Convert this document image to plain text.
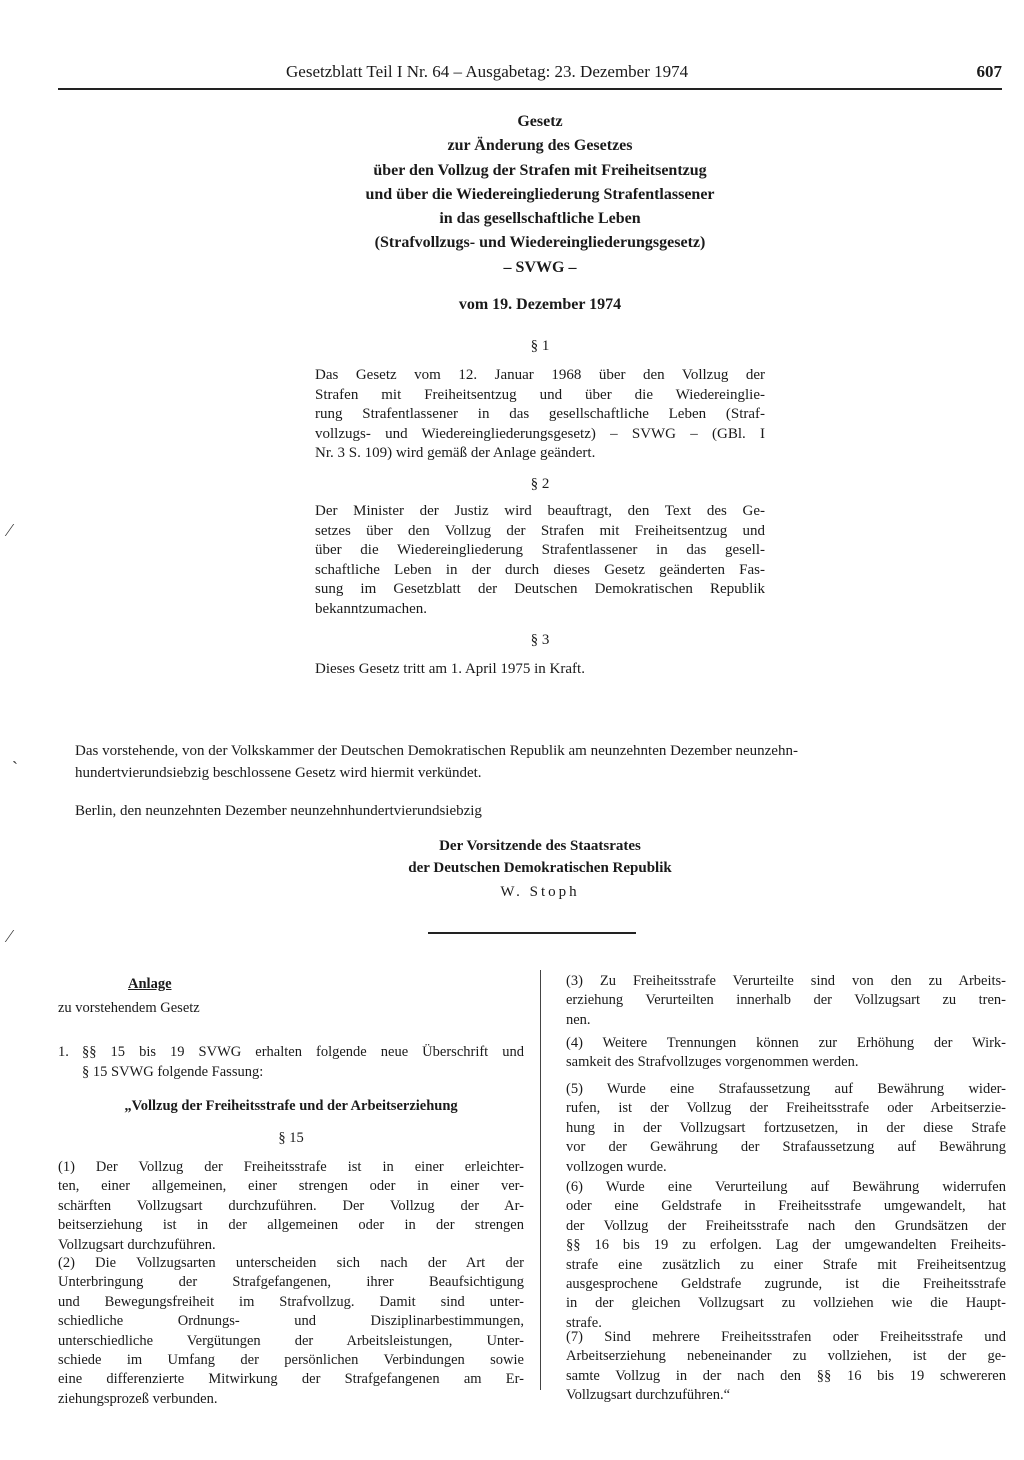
Gesetzblatt Teil I Nr. 64 – Ausgabetag: 23. Dezember 1974	607

Gesetz

zur Änderung des Gesetzes

über den Vollzug der Strafen mit Freiheitsentzug

und über die Wiedereingliederung Strafentlassener

in das gesellschaftliche Leben

(Strafvollzugs- und Wiedereingliederungsgesetz)

– SVWG –

vom 19. Dezember 1974

§ 1

Das Gesetz vom 12. Januar 1968 über den Vollzug der
Strafen mit Freiheitsentzug und über die Wiedereinglie-
rung Strafentlassener in das gesellschaftliche Leben (Straf-
vollzugs- und Wiedereingliederungsgesetz) – SVWG – (GBl. I
Nr. 3 S. 109) wird gemäß der Anlage geändert.

§ 2

Der Minister der Justiz wird beauftragt, den Text des Ge-
setzes über den Vollzug der Strafen mit Freiheitsentzug und
über die Wiedereingliederung Strafentlassener in das gesell-
schaftliche Leben in der durch dieses Gesetz geänderten Fas-
sung im Gesetzblatt der Deutschen Demokratischen Republik
bekanntzumachen.

§ 3

Dieses Gesetz tritt am 1. April 1975 in Kraft.

Das vorstehende, von der Volkskammer der Deutschen Demokratischen Republik am neunzehnten Dezember neunzehn-

hundertvierundsiebzig beschlossene Gesetz wird hiermit verkündet.

Berlin, den neunzehnten Dezember neunzehnhundertvierundsiebzig

Der Vorsitzende des Staatsrates

der Deutschen Demokratischen Republik

W. Stoph

Anlage

zu vorstehendem Gesetz

1. §§ 15 bis 19 SVWG erhalten folgende neue Überschrift und
§ 15 SVWG folgende Fassung:

„Vollzug der Freiheitsstrafe und der Arbeitserziehung

§ 15

(1) Der Vollzug der Freiheitsstrafe ist in einer erleichter-
ten, einer allgemeinen, einer strengen oder in einer ver-
schärften Vollzugsart durchzuführen. Der Vollzug der Ar-
beitserziehung ist in der allgemeinen oder in der strengen
Vollzugsart durchzuführen.
(2) Die Vollzugsarten unterscheiden sich nach der Art der
Unterbringung der Strafgefangenen, ihrer Beaufsichtigung
und Bewegungsfreiheit im Strafvollzug. Damit sind unter-
schiedliche Ordnungs- und Disziplinarbestimmungen,
unterschiedliche Vergütungen der Arbeitsleistungen, Unter-
schiede im Umfang der persönlichen Verbindungen sowie
eine differenzierte Mitwirkung der Strafgefangenen am Er-
ziehungsprozeß verbunden.
(3) Zu Freiheitsstrafe Verurteilte sind von den zu Arbeits-
erziehung Verurteilten innerhalb der Vollzugsart zu tren-
nen.
(4) Weitere Trennungen können zur Erhöhung der Wirk-
samkeit des Strafvollzuges vorgenommen werden.
(5) Wurde eine Strafaussetzung auf Bewährung wider-
rufen, ist der Vollzug der Freiheitsstrafe oder Arbeitserzie-
hung in der Vollzugsart fortzusetzen, in der diese Strafe
vor der Gewährung der Strafaussetzung auf Bewährung
vollzogen wurde.
(6) Wurde eine Verurteilung auf Bewährung widerrufen
oder eine Geldstrafe in Freiheitsstrafe umgewandelt, hat
der Vollzug der Freiheitsstrafe nach den Grundsätzen der
§§ 16 bis 19 zu erfolgen. Lag der umgewandelten Freiheits-
strafe eine zusätzlich zu einer Strafe mit Freiheitsentzug
ausgesprochene Geldstrafe zugrunde, ist die Freiheitsstrafe
in der gleichen Vollzugsart zu vollziehen wie die Haupt-
strafe.
(7) Sind mehrere Freiheitsstrafen oder Freiheitsstrafe und
Arbeitserziehung nebeneinander zu vollziehen, ist der ge-
samte Vollzug in der nach den §§ 16 bis 19 schwereren
Vollzugsart durchzuführen.“
⁄
ˋ
⁄
